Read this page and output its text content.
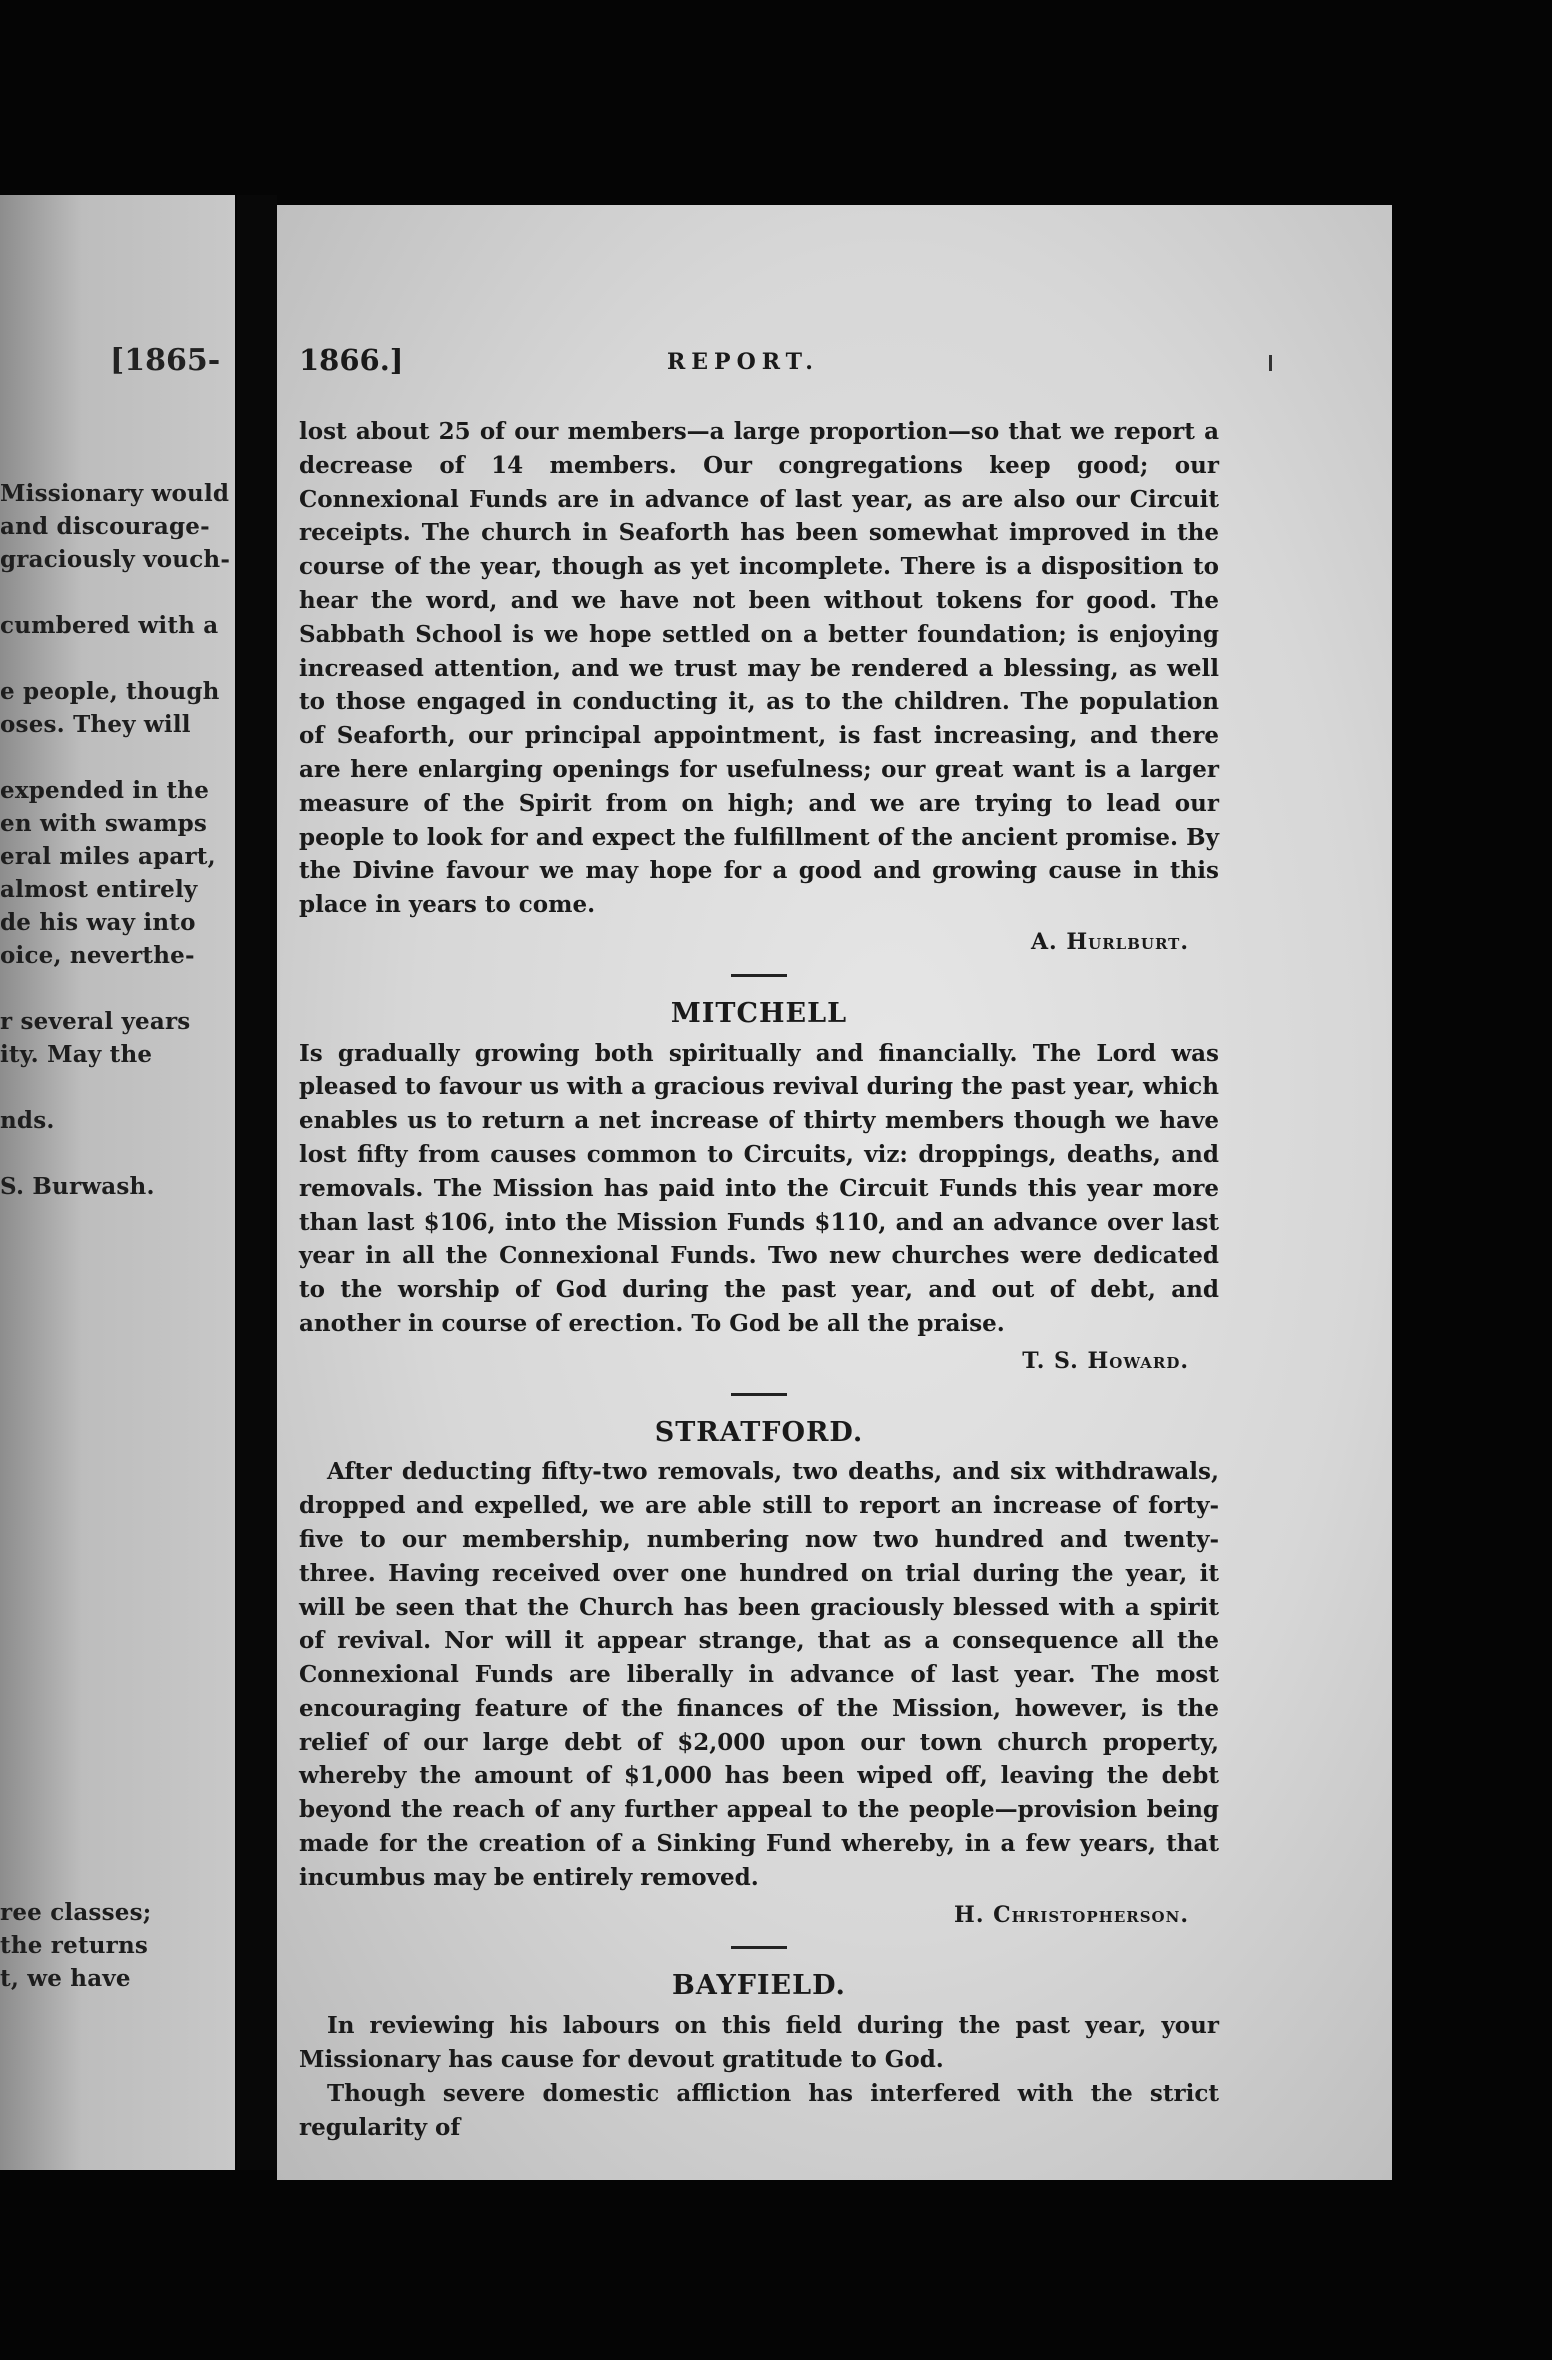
[1865-
Missionary would
and discourage-
graciously vouch-
cumbered with a
e people, though
oses. They will
expended in the
en with swamps
eral miles apart,
almost entirely
de his way into
oice, neverthe-
r several years
ity. May the
nds.
S. Burwash.
ree classes;
the returns
t, we have
1866.]	REPORT.

lost about 25 of our members—a large proportion—so that we report a decrease of 14 members. Our congregations keep good; our Connexional Funds are in advance of last year, as are also our Circuit receipts. The church in Seaforth has been somewhat improved in the course of the year, though as yet incomplete. There is a disposition to hear the word, and we have not been without tokens for good. The Sabbath School is we hope settled on a better foundation; is enjoying increased attention, and we trust may be rendered a blessing, as well to those engaged in conducting it, as to the children. The population of Seaforth, our principal appointment, is fast increasing, and there are here enlarging openings for usefulness; our great want is a larger measure of the Spirit from on high; and we are trying to lead our people to look for and expect the fulfillment of the ancient promise. By the Divine favour we may hope for a good and growing cause in this place in years to come.

A. Hurlburt.
MITCHELL

Is gradually growing both spiritually and financially. The Lord was pleased to favour us with a gracious revival during the past year, which enables us to return a net increase of thirty members though we have lost fifty from causes common to Circuits, viz: droppings, deaths, and removals. The Mission has paid into the Circuit Funds this year more than last $106, into the Mission Funds $110, and an advance over last year in all the Connexional Funds. Two new churches were dedicated to the worship of God during the past year, and out of debt, and another in course of erection. To God be all the praise.

T. S. Howard.
STRATFORD.

After deducting fifty-two removals, two deaths, and six withdrawals, dropped and expelled, we are able still to report an increase of forty-five to our membership, numbering now two hundred and twenty-three. Having received over one hundred on trial during the year, it will be seen that the Church has been graciously blessed with a spirit of revival. Nor will it appear strange, that as a consequence all the Connexional Funds are liberally in advance of last year. The most encouraging feature of the finances of the Mission, however, is the relief of our large debt of $2,000 upon our town church property, whereby the amount of $1,000 has been wiped off, leaving the debt beyond the reach of any further appeal to the people—provision being made for the creation of a Sinking Fund whereby, in a few years, that incumbus may be entirely removed.

H. Christopherson.
BAYFIELD.

In reviewing his labours on this field during the past year, your Missionary has cause for devout gratitude to God.

Though severe domestic affliction has interfered with the strict regularity of
